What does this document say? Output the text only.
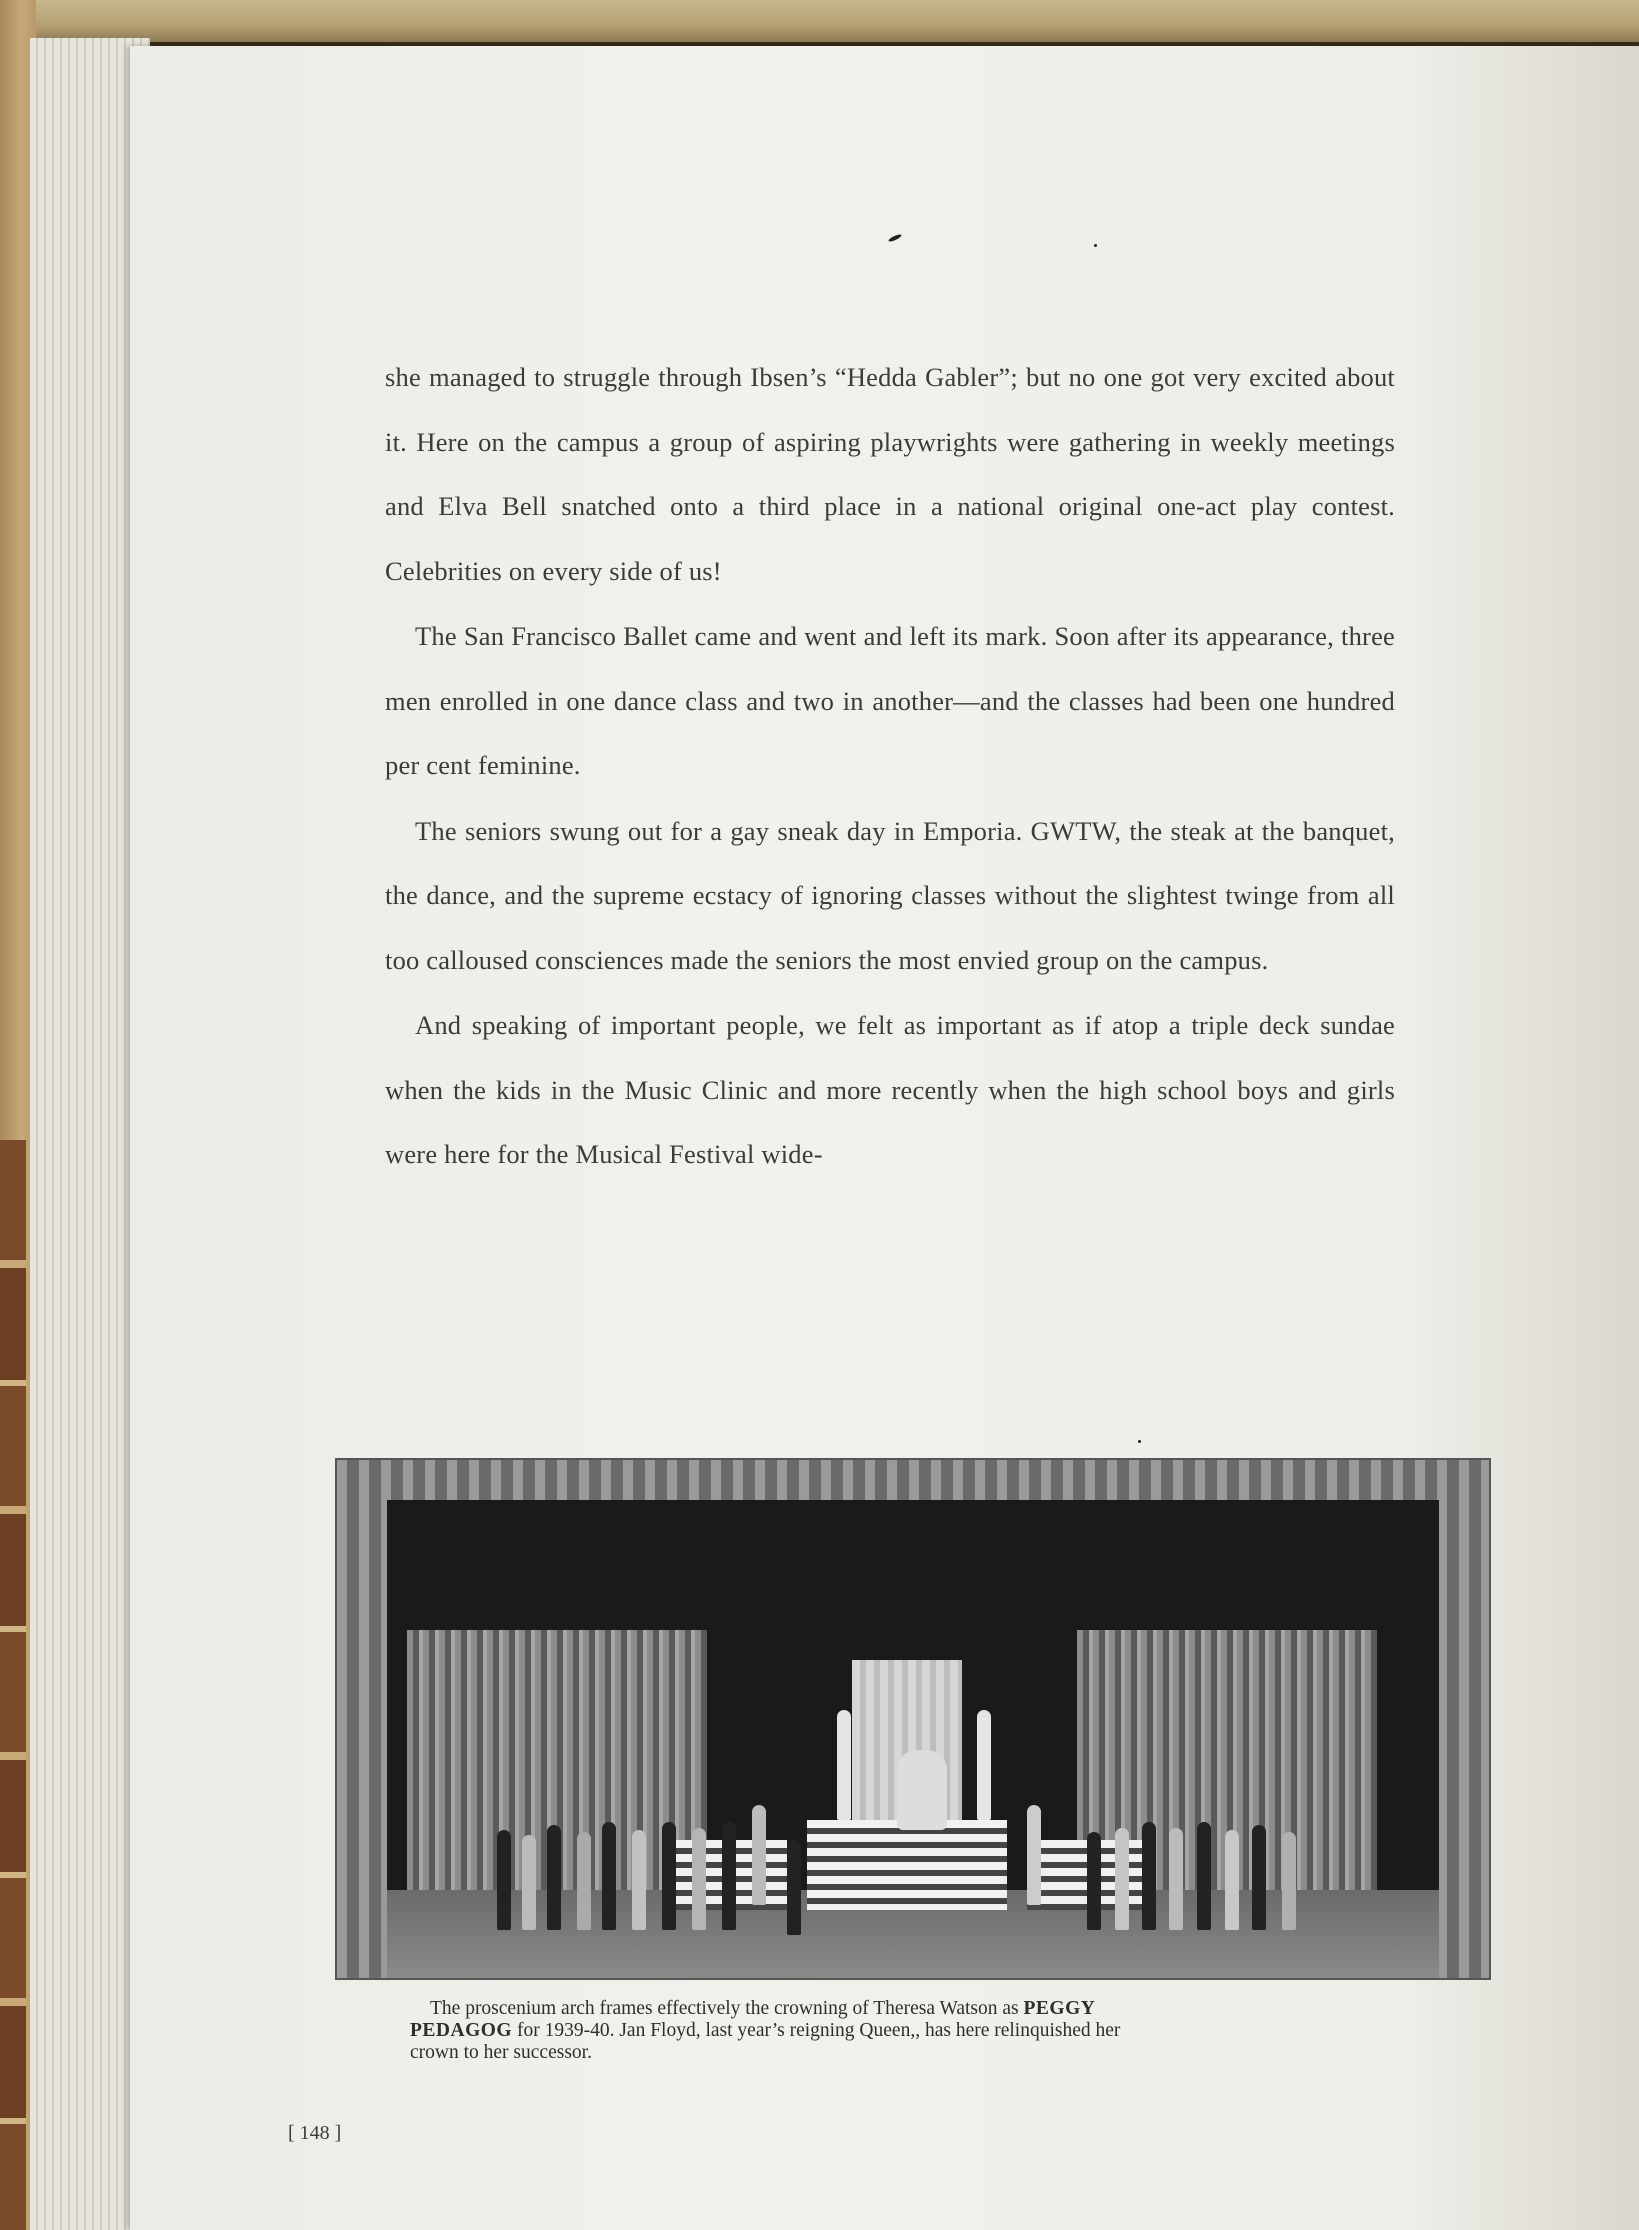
she managed to struggle through Ibsen’s “Hedda Gabler”; but no one got very excited about it. Here on the campus a group of aspiring playwrights were gathering in weekly meetings and Elva Bell snatched onto a third place in a national original one-act play contest. Celebrities on every side of us!

The San Francisco Ballet came and went and left its mark. Soon after its appearance, three men enrolled in one dance class and two in another—and the classes had been one hundred per cent feminine.

The seniors swung out for a gay sneak day in Emporia. GWTW, the steak at the banquet, the dance, and the supreme ecstacy of ignoring classes without the slightest twinge from all too calloused consciences made the seniors the most envied group on the campus.

And speaking of important people, we felt as important as if atop a triple deck sundae when the kids in the Music Clinic and more recently when the high school boys and girls were here for the Musical Festival wide-

The proscenium arch frames effectively the crowning of Theresa Watson as PEGGY
PEDAGOG for 1939-40. Jan Floyd, last year’s reigning Queen,, has here relinquished her
crown to her successor.
[ 148 ]
